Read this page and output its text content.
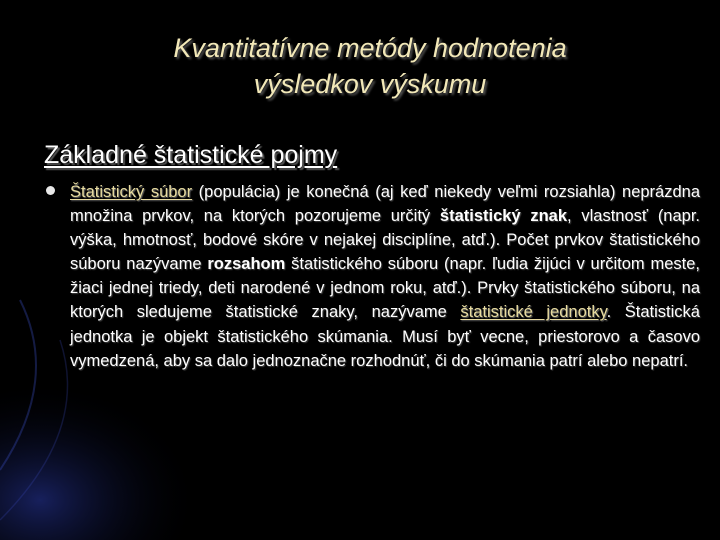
Kvantitatívne metódy hodnotenia
výsledkov výskumu
Základné štatistické pojmy
Štatistický súbor (populácia) je konečná (aj keď niekedy veľmi rozsiahla) neprázdna množina prvkov, na ktorých pozorujeme určitý štatistický znak, vlastnosť (napr. výška, hmotnosť, bodové skóre v nejakej disciplíne, atď.). Počet prvkov štatistického súboru nazývame rozsahom štatistického súboru (napr. ľudia žijúci v určitom meste, žiaci jednej triedy, deti narodené v jednom roku, atď.). Prvky štatistického súboru, na ktorých sledujeme štatistické znaky, nazývame štatistické jednotky. Štatistická jednotka je objekt štatistického skúmania. Musí byť vecne, priestorovo a časovo vymedzená, aby sa dalo jednoznačne rozhodnúť, či do skúmania patrí alebo nepatrí.
